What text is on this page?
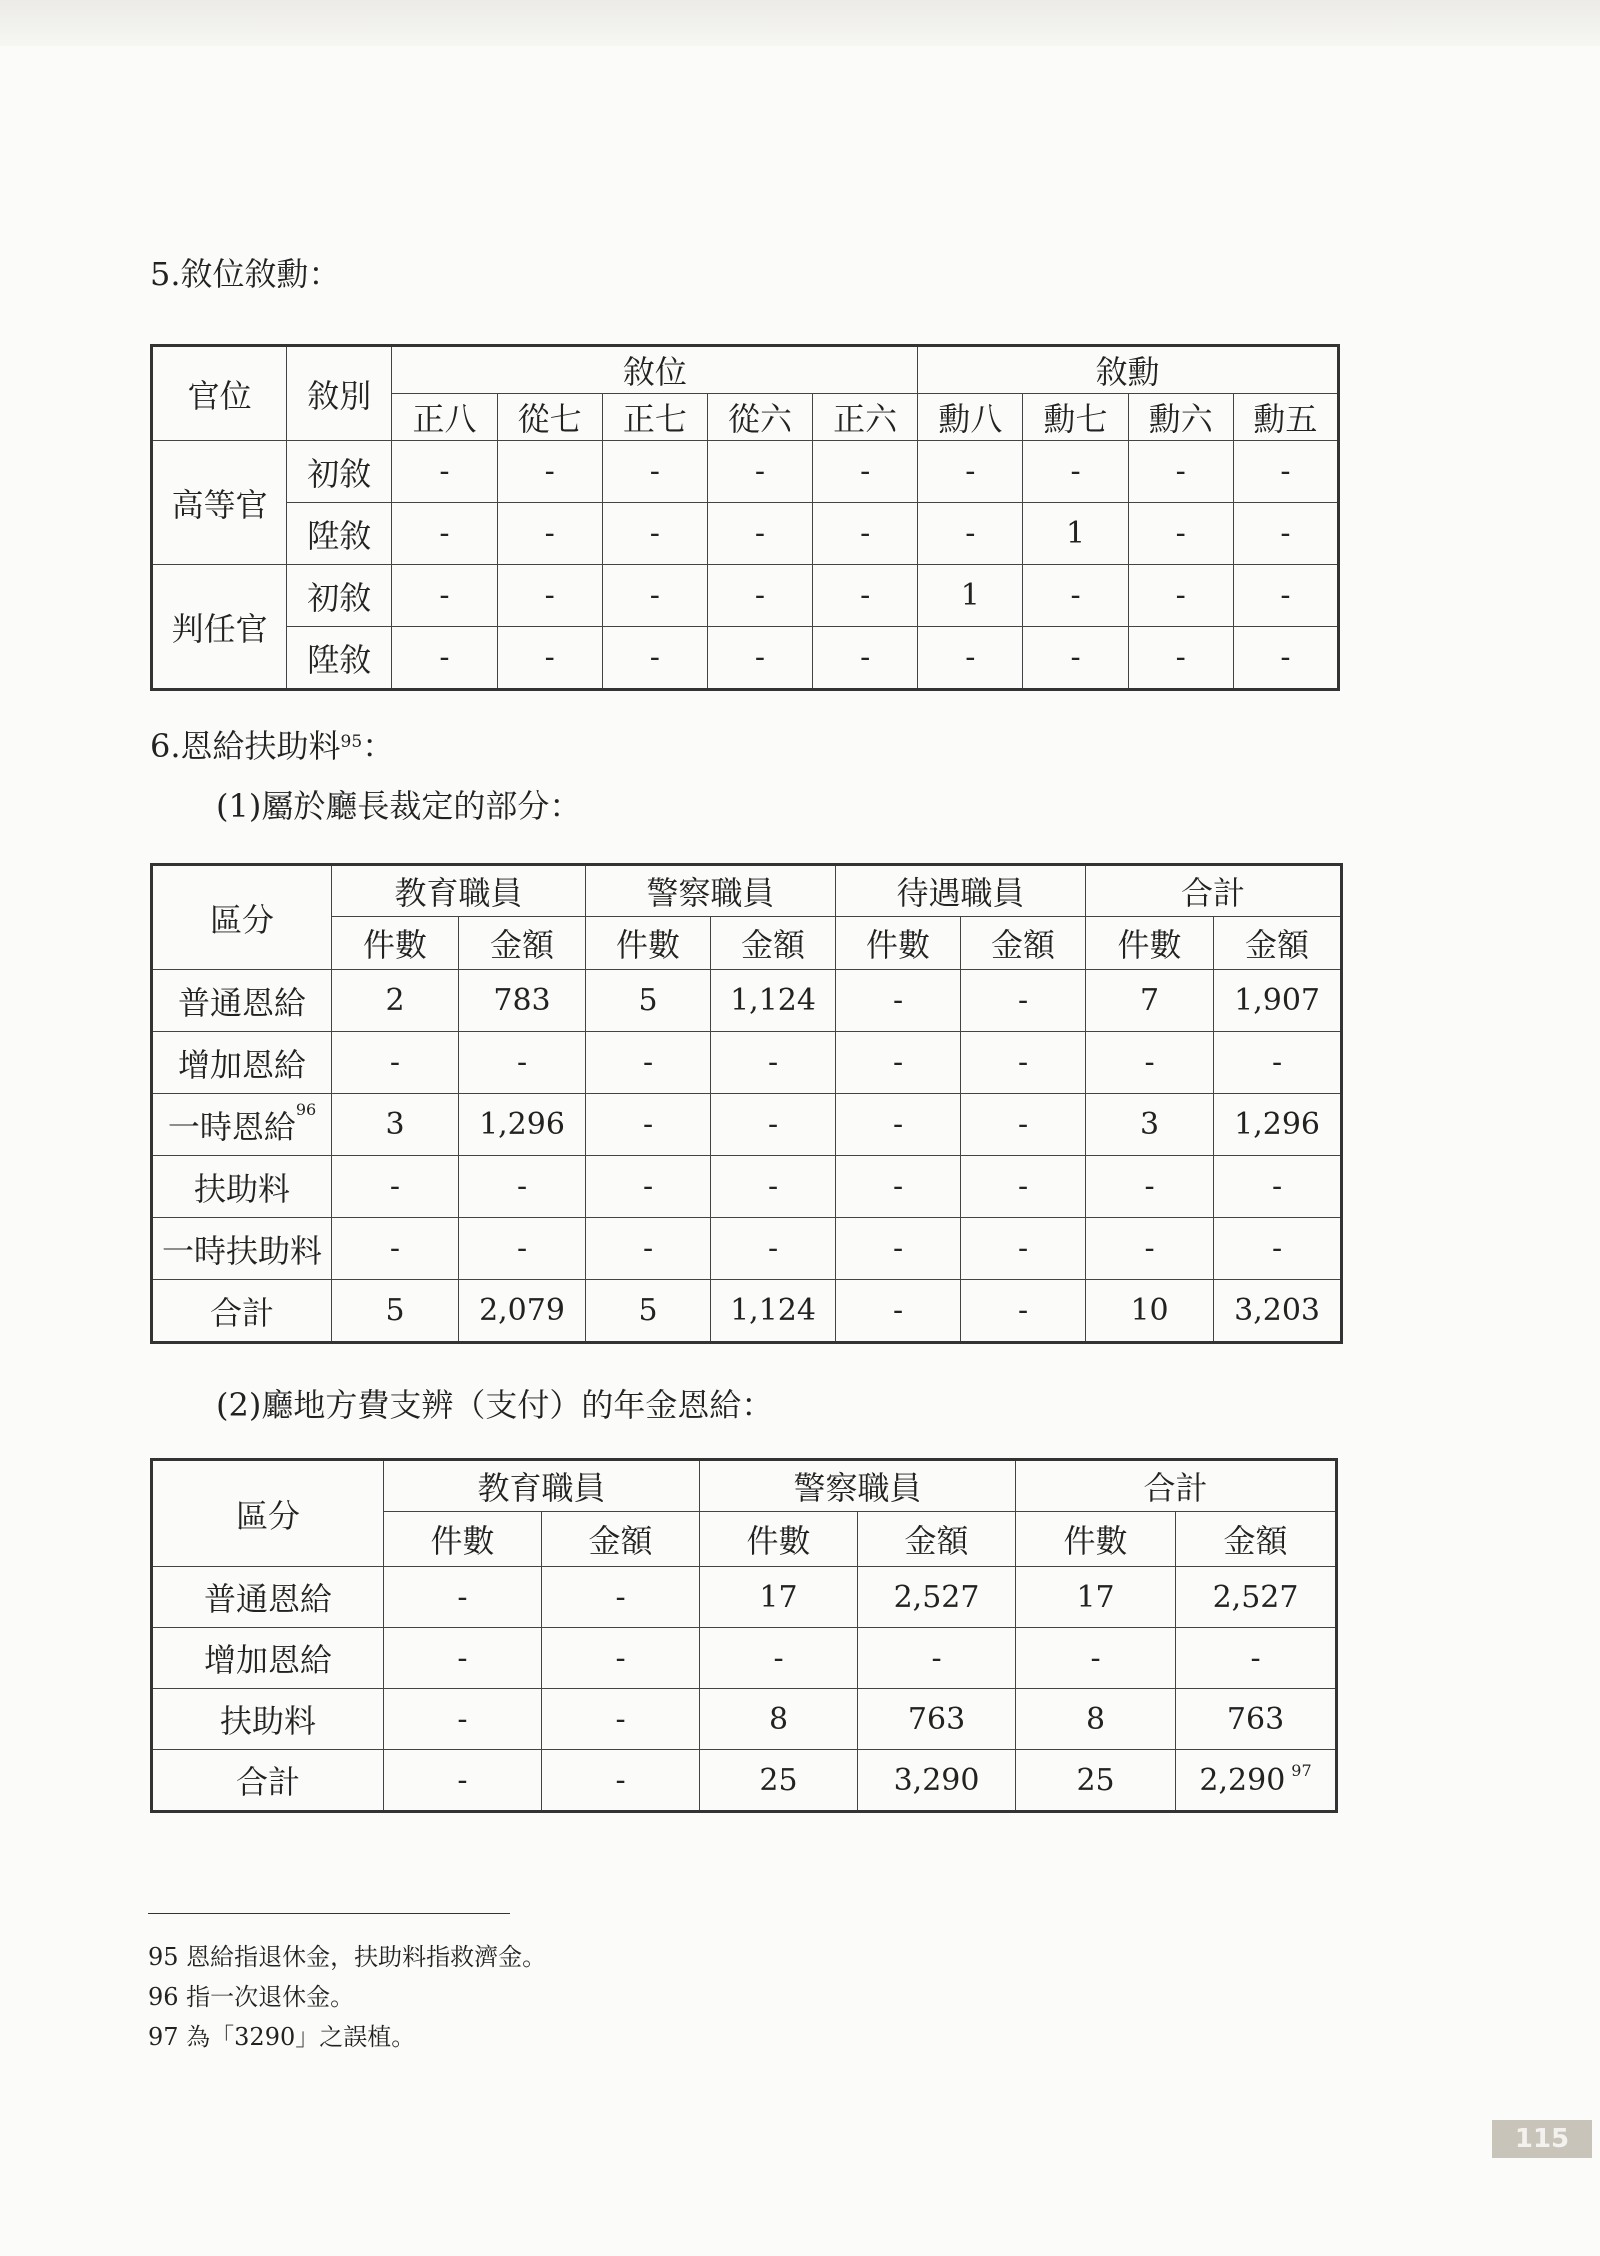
5.敘位敘勳：
官位	敘別	敘位					敘勳			
		正八	從七	正七	從六	正六	勳八	勳七	勳六	勳五
高等官	初敘	-	-	-	-	-	-	-	-	-
	陞敘	-	-	-	-	-	-	1	-	-
判任官	初敘	-	-	-	-	-	1	-	-	-
	陞敘	-	-	-	-	-	-	-	-	-
6.恩給扶助料$^{95}$：
(1)屬於廳長裁定的部分：
區分	教育職員		警察職員		待遇職員		合計	
	件數	金額	件數	金額	件數	金額	件數	金額
普通恩給	2	783	5	1,124	-	-	7	1,907
增加恩給	-	-	-	-	-	-	-	-
一時恩給$^{96}$	3	1,296	-	-	-	-	3	1,296
扶助料	-	-	-	-	-	-	-	-
一時扶助料	-	-	-	-	-	-	-	-
合計	5	2,079	5	1,124	-	-	10	3,203
(2)廳地方費支辨（支付）的年金恩給：
區分	教育職員		警察職員		合計	
	件數	金額	件數	金額	件數	金額
普通恩給	-	-	17	2,527	17	2,527
增加恩給	-	-	-	-	-	-
扶助料	-	-	8	763	8	763
合計	-	-	25	3,290	25	2,290 $^{97}$
95 恩給指退休金，扶助料指救濟金。
96 指一次退休金。
97 為「3290」之誤植。
115
